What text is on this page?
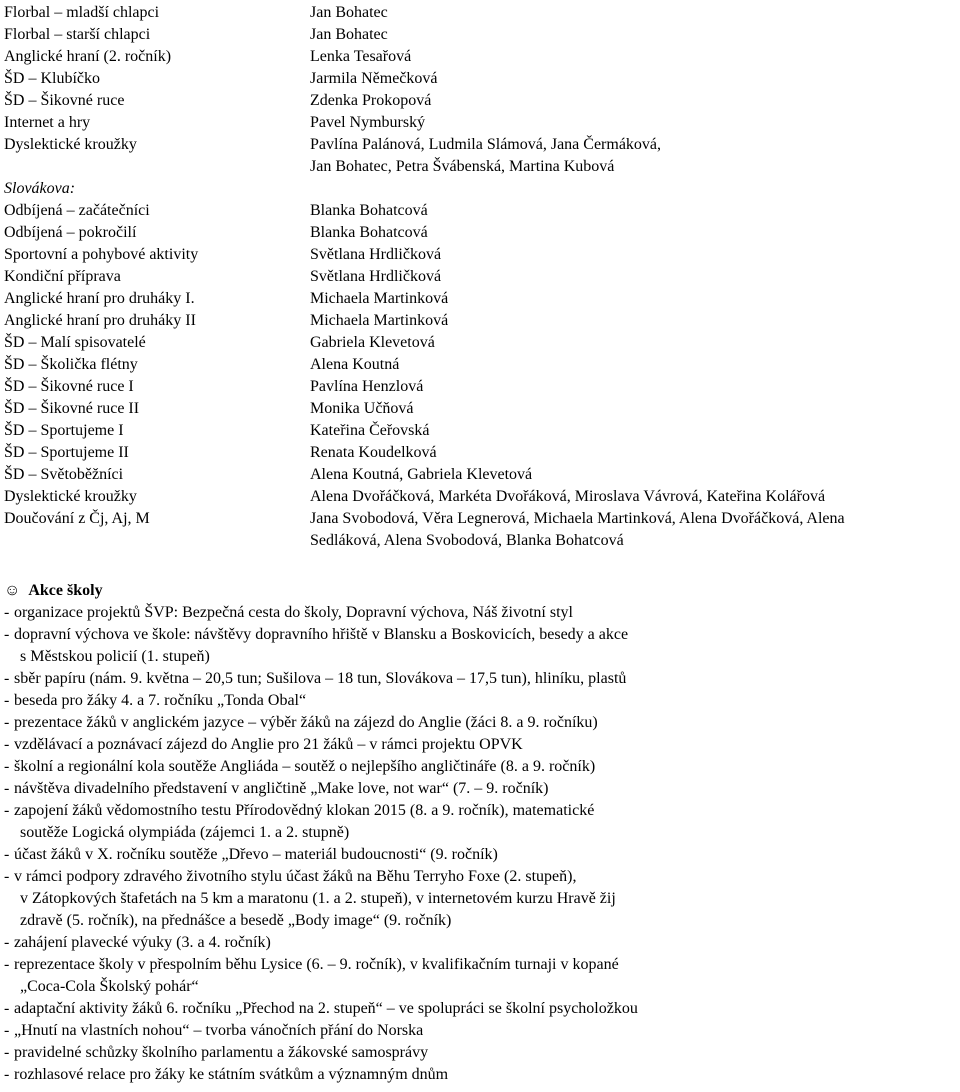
Florbal – mladší chlapci	Jan Bohatec
Florbal – starší chlapci	Jan Bohatec
Anglické hraní (2. ročník)	Lenka Tesařová
ŠD – Klubíčko	Jarmila Němečková
ŠD – Šikovné ruce	Zdenka Prokopová
Internet a hry	Pavel Nymburský
Dyslektické kroužky	Pavlína Palánová, Ludmila Slámová, Jana Čermáková,
Jan Bohatec, Petra Švábenská, Martina Kubová
Slovákova:
Odbíjená – začátečníci	Blanka Bohatcová
Odbíjená – pokročilí	Blanka Bohatcová
Sportovní a pohybové aktivity	Světlana Hrdličková
Kondiční příprava	Světlana Hrdličková
Anglické hraní pro druháky I.	Michaela Martinková
Anglické hraní pro druháky II	Michaela Martinková
ŠD – Malí spisovatelé	Gabriela Klevetová
ŠD – Školička flétny	Alena Koutná
ŠD – Šikovné ruce I	Pavlína Henzlová
ŠD – Šikovné ruce II	Monika Učňová
ŠD – Sportujeme I	Kateřina Čeřovská
ŠD – Sportujeme II	Renata Koudelková
ŠD – Světoběžníci	Alena Koutná, Gabriela Klevetová
Dyslektické kroužky	Alena Dvořáčková, Markéta Dvořáková, Miroslava Vávrová, Kateřina Kolářová
Doučování z Čj, Aj, M	Jana Svobodová, Věra Legnerová, Michaela Martinková, Alena Dvořáčková, Alena
Sedláková, Alena Svobodová, Blanka Bohatcová
☺ Akce školy
- organizace projektů ŠVP: Bezpečná cesta do školy, Dopravní výchova, Náš životní styl
- dopravní výchova ve škole: návštěvy dopravního hřiště v Blansku a Boskovicích, besedy a akce
s Městskou policií (1. stupeň)
- sběr papíru (nám. 9. května – 20,5 tun; Sušilova – 18 tun, Slovákova – 17,5 tun), hliníku, plastů
- beseda pro žáky 4. a 7. ročníku „Tonda Obal“
- prezentace žáků v anglickém jazyce – výběr žáků na zájezd do Anglie (žáci 8. a 9. ročníku)
- vzdělávací a poznávací zájezd do Anglie pro 21 žáků – v rámci projektu OPVK
- školní a regionální kola soutěže Angliáda – soutěž o nejlepšího angličtináře (8. a 9. ročník)
- návštěva divadelního představení v angličtině „Make love, not war“ (7. – 9. ročník)
- zapojení žáků vědomostního testu Přírodovědný klokan 2015 (8. a 9. ročník), matematické
soutěže Logická olympiáda (zájemci 1. a 2. stupně)
- účast žáků v X. ročníku soutěže „Dřevo – materiál budoucnosti“ (9. ročník)
- v rámci podpory zdravého životního stylu účast žáků na Běhu Terryho Foxe (2. stupeň),
v Zátopkových štafetách na 5 km a maratonu (1. a 2. stupeň), v internetovém kurzu Hravě žij
zdravě (5. ročník), na přednášce a besedě „Body image“ (9. ročník)
- zahájení plavecké výuky (3. a 4. ročník)
- reprezentace školy v přespolním běhu Lysice (6. – 9. ročník), v kvalifikačním turnaji v kopané
„Coca-Cola Školský pohár“
- adaptační aktivity žáků 6. ročníku „Přechod na 2. stupeň“ – ve spolupráci se školní psycholožkou
- „Hnutí na vlastních nohou“ – tvorba vánočních přání do Norska
- pravidelné schůzky školního parlamentu a žákovské samosprávy
- rozhlasové relace pro žáky ke státním svátkům a významným dnům
